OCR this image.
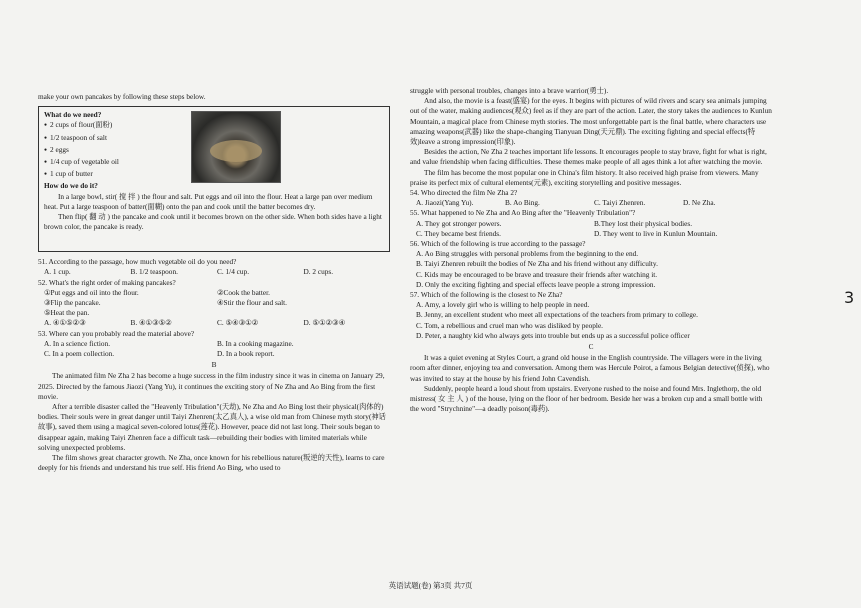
make your own pancakes by following these steps below.

What do we need?

● 2 cups of flour(面粉)
● 1/2 teaspoon of salt
● 2 eggs
● 1/4 cup of vegetable oil
● 1 cup of butter

How do we do it?

In a large bowl, stir( 搅 拌 ) the flour and salt. Put eggs and oil into the flour. Heat a large pan over medium heat. Put a large teaspoon of batter(面糊) onto the pan and cook until the batter becomes dry.

Then flip( 翻 动 ) the pancake and cook until it becomes brown on the other side. When both sides have a light brown color, the pancake is ready.

51. According to the passage, how much vegetable oil do you need?

A. 1 cup.	B. 1/2 teaspoon.	C. 1/4 cup.	D. 2 cups.

52. What's the right order of making pancakes?

①Put eggs and oil into the flour.	②Cook the batter.
③Flip the pancake.	④Stir the flour and salt.
⑤Heat the pan.
A. ④①⑤②③	B. ④①③⑤②	C. ⑤④③①②	D. ⑤①②③④

53. Where can you probably read the material above?

A. In a science fiction.	B. In a cooking magazine.
C. In a poem collection.	D. In a book report.

B

The animated film Ne Zha 2 has become a huge success in the film industry since it was in cinema on January 29, 2025. Directed by the famous Jiaozi (Yang Yu), it continues the exciting story of Ne Zha and Ao Bing from the first movie.

After a terrible disaster called the "Heavenly Tribulation"(天劫), Ne Zha and Ao Bing lost their physical(肉体的) bodies. Their souls were in great danger until Taiyi Zhenren(太乙真人), a wise old man from Chinese myth story(神话故事), saved them using a magical seven-colored lotus(莲花). However, peace did not last long. Their souls began to disappear again, making Taiyi Zhenren face a difficult task—rebuilding their bodies with limited materials while solving unexpected problems.

The film shows great character growth. Ne Zha, once known for his rebellious nature(叛逆的天性), learns to care deeply for his friends and understand his true self. His friend Ao Bing, who used to

struggle with personal troubles, changes into a brave warrior(勇士).

And also, the movie is a feast(盛宴) for the eyes. It begins with pictures of wild rivers and scary sea animals jumping out of the water, making audiences(观众) feel as if they are part of the action. Later, the story takes the audiences to Kunlun Mountain, a magical place from Chinese myth stories. The most unforgettable part is the final battle, where characters use amazing weapons(武器) like the shape-changing Tianyuan Ding(天元鼎). The exciting fighting and special effects(特效)leave a strong impression(印象).

Besides the action, Ne Zha 2 teaches important life lessons. It encourages people to stay brave, fight for what is right, and value friendship when facing difficulties. These themes make people of all ages think a lot after watching the movie.

The film has become the most popular one in China's film history. It also received high praise from viewers. Many praise its perfect mix of cultural elements(元素), exciting storytelling and positive messages.

54. Who directed the film Ne Zha 2?

A. Jiaozi(Yang Yu).	B. Ao Bing.	C. Taiyi Zhenren.	D. Ne Zha.

55. What happened to Ne Zha and Ao Bing after the "Heavenly Tribulation"?

A. They got stronger powers.	B.They lost their physical bodies.
C. They became best friends.	D. They went to live in Kunlun Mountain.

56. Which of the following is true according to the passage?

A. Ao Bing struggles with personal problems from the beginning to the end.

B. Taiyi Zhenren rebuilt the bodies of Ne Zha and his friend without any difficulty.

C. Kids may be encouraged to be brave and treasure their friends after watching it.

D. Only the exciting fighting and special effects leave people a strong impression.

57. Which of the following is the closest to Ne Zha?

A. Amy, a lovely girl who is willing to help people in need.

B. Jenny, an excellent student who meet all expectations of the teachers from primary to college.

C. Tom, a rebellious and cruel man who was disliked by people.

D. Peter, a naughty kid who always gets into trouble but ends up as a successful police officer

C

It was a quiet evening at Styles Court, a grand old house in the English countryside. The villagers were in the living room after dinner, enjoying tea and conversation. Among them was Hercule Poirot, a famous Belgian detective(侦探), who was invited to stay at the house by his friend John Cavendish.

Suddenly, people heard a loud shout from upstairs. Everyone rushed to the noise and found Mrs. Inglethorp, the old mistress( 女 主 人 ) of the house, lying on the floor of her bedroom. Beside her was a broken cup and a small bottle with the word "Strychnine"—a deadly poison(毒药).

3
英语试题(卷) 第3页 共7页
